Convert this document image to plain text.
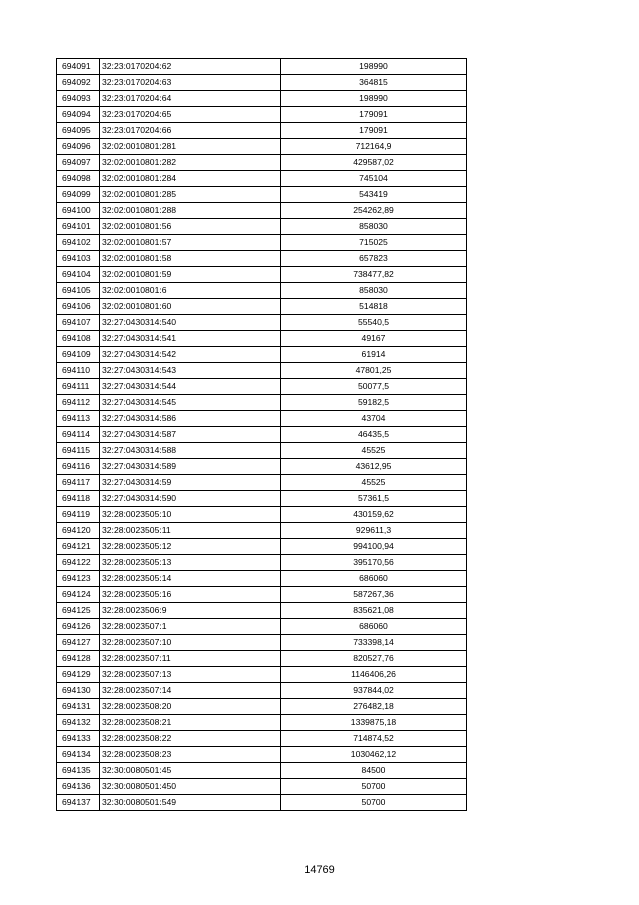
694091	32:23:0170204:62	198990
694092	32:23:0170204:63	364815
694093	32:23:0170204:64	198990
694094	32:23:0170204:65	179091
694095	32:23:0170204:66	179091
694096	32:02:0010801:281	712164,9
694097	32:02:0010801:282	429587,02
694098	32:02:0010801:284	745104
694099	32:02:0010801:285	543419
694100	32:02:0010801:288	254262,89
694101	32:02:0010801:56	858030
694102	32:02:0010801:57	715025
694103	32:02:0010801:58	657823
694104	32:02:0010801:59	738477,82
694105	32:02:0010801:6	858030
694106	32:02:0010801:60	514818
694107	32:27:0430314:540	55540,5
694108	32:27:0430314:541	49167
694109	32:27:0430314:542	61914
694110	32:27:0430314:543	47801,25
694111	32:27:0430314:544	50077,5
694112	32:27:0430314:545	59182,5
694113	32:27:0430314:586	43704
694114	32:27:0430314:587	46435,5
694115	32:27:0430314:588	45525
694116	32:27:0430314:589	43612,95
694117	32:27:0430314:59	45525
694118	32:27:0430314:590	57361,5
694119	32:28:0023505:10	430159,62
694120	32:28:0023505:11	929611,3
694121	32:28:0023505:12	994100,94
694122	32:28:0023505:13	395170,56
694123	32:28:0023505:14	686060
694124	32:28:0023505:16	587267,36
694125	32:28:0023506:9	835621,08
694126	32:28:0023507:1	686060
694127	32:28:0023507:10	733398,14
694128	32:28:0023507:11	820527,76
694129	32:28:0023507:13	1146406,26
694130	32:28:0023507:14	937844,02
694131	32:28:0023508:20	276482,18
694132	32:28:0023508:21	1339875,18
694133	32:28:0023508:22	714874,52
694134	32:28:0023508:23	1030462,12
694135	32:30:0080501:45	84500
694136	32:30:0080501:450	50700
694137	32:30:0080501:549	50700
14769
